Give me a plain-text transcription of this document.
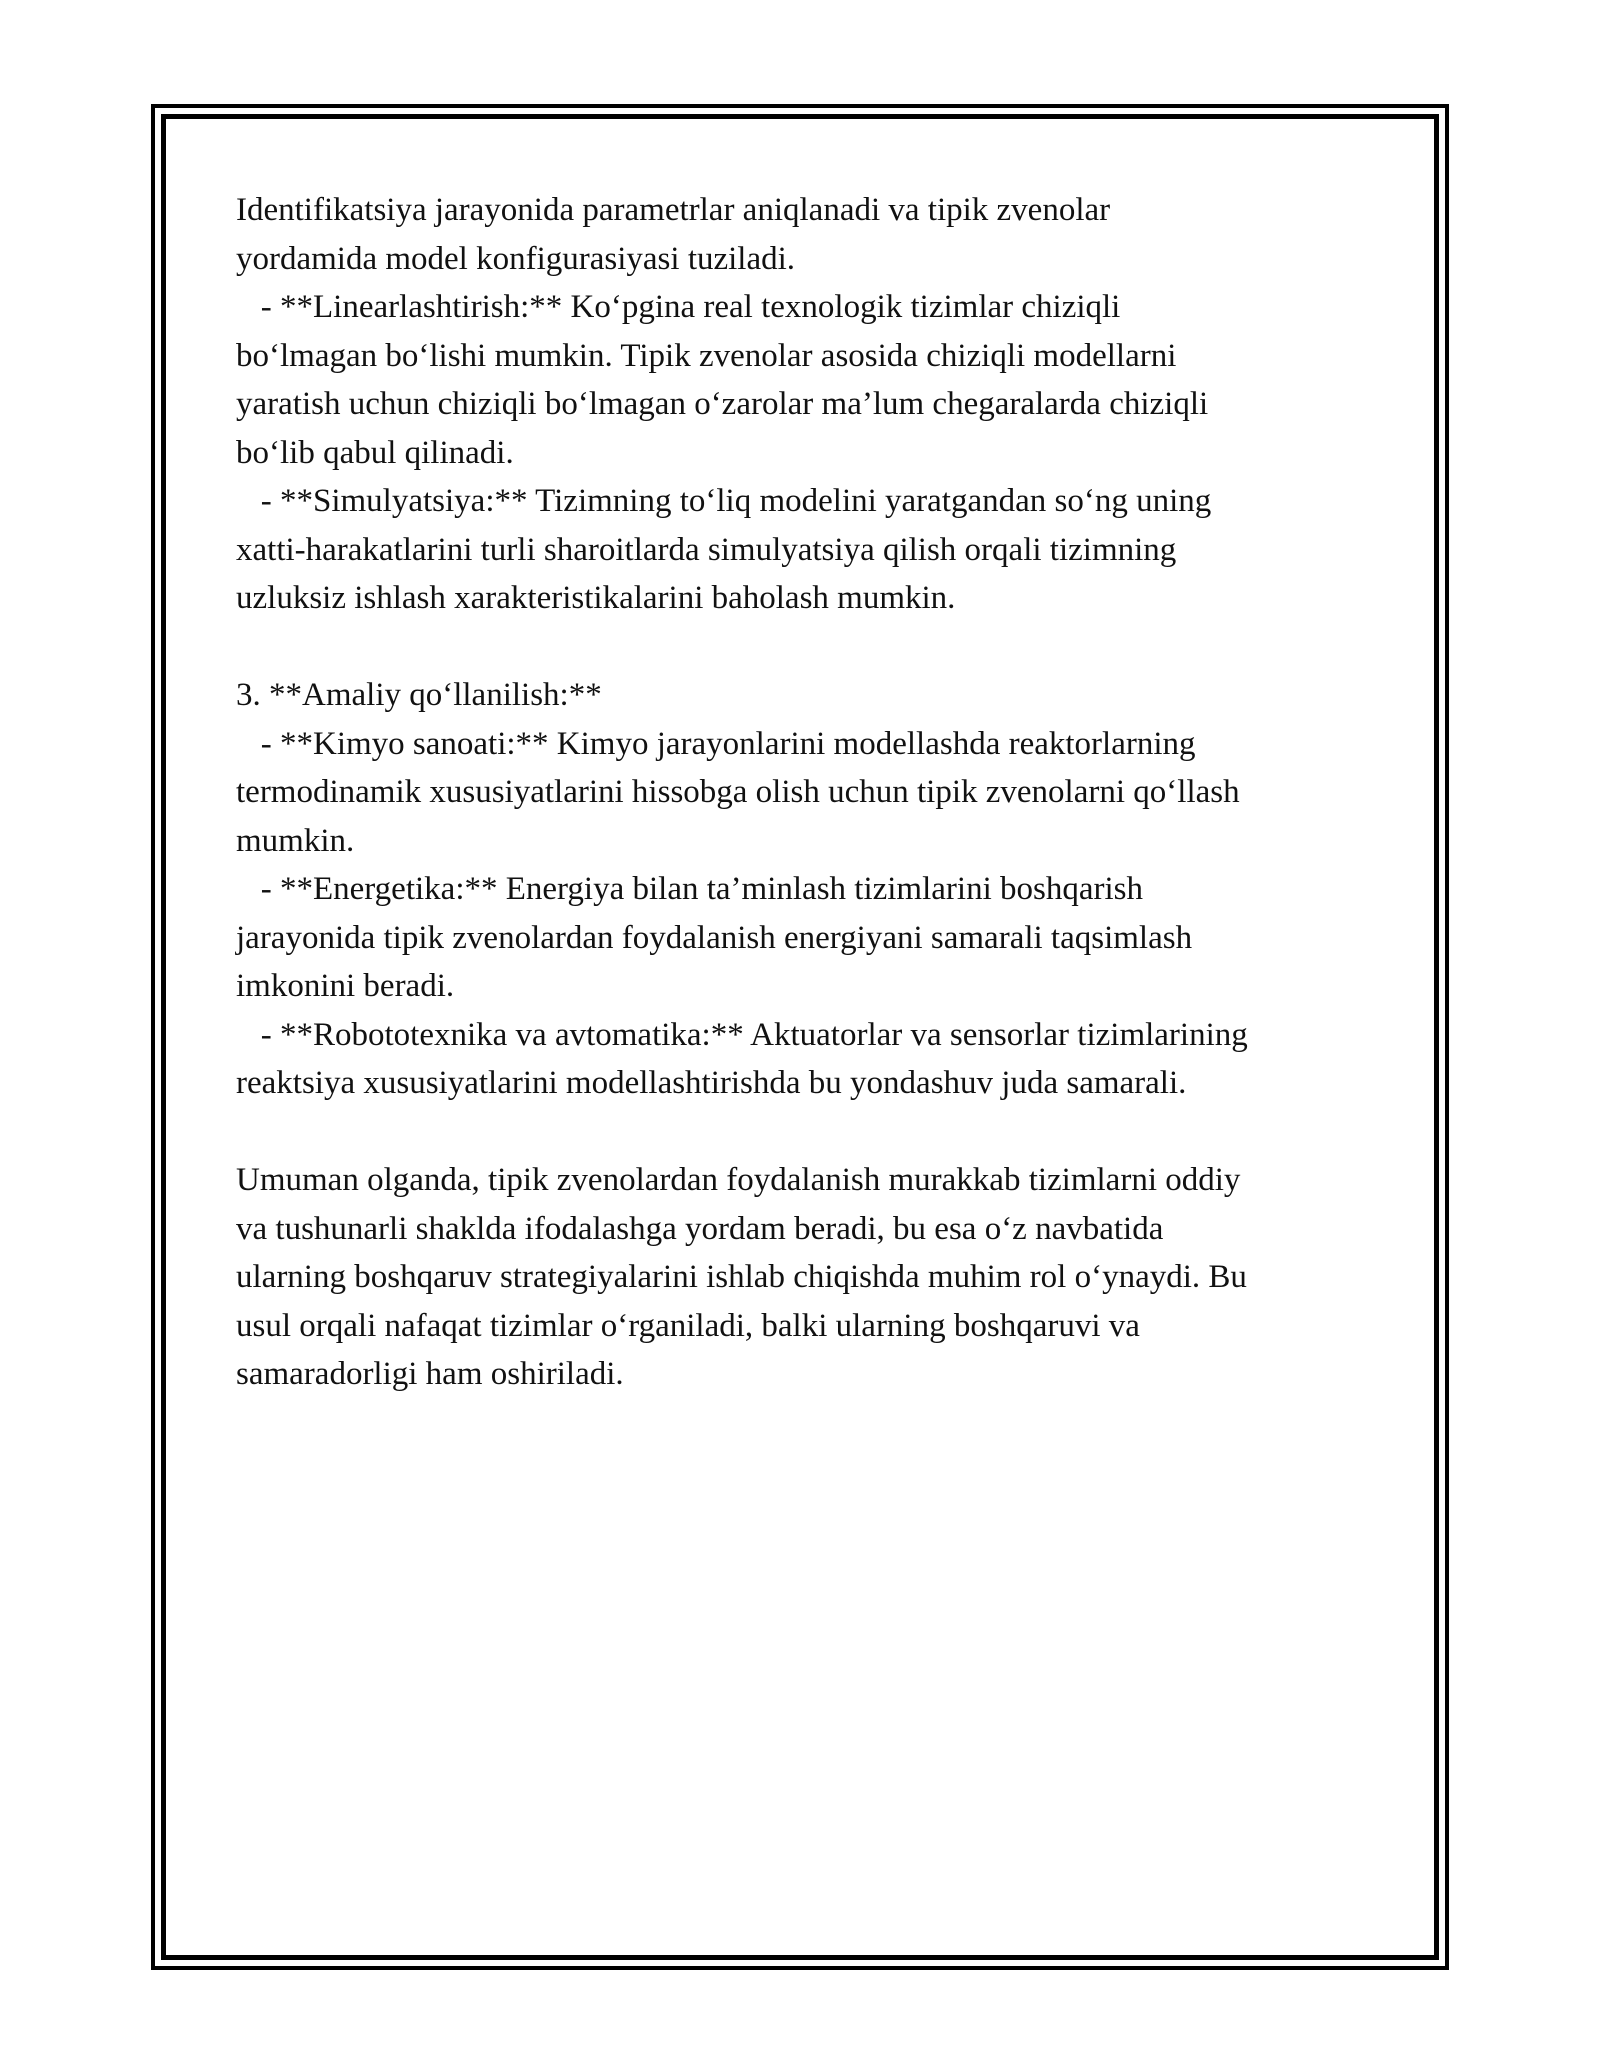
Identifikatsiya jarayonida parametrlar aniqlanadi va tipik zvenolar

yordamida model konfigurasiyasi tuziladi.

- **Linearlashtirish:** Ko‘pgina real texnologik tizimlar chiziqli

bo‘lmagan bo‘lishi mumkin. Tipik zvenolar asosida chiziqli modellarni

yaratish uchun chiziqli bo‘lmagan o‘zarolar ma’lum chegaralarda chiziqli

bo‘lib qabul qilinadi.

- **Simulyatsiya:** Tizimning to‘liq modelini yaratgandan so‘ng uning

xatti-harakatlarini turli sharoitlarda simulyatsiya qilish orqali tizimning

uzluksiz ishlash xarakteristikalarini baholash mumkin.

3. **Amaliy qo‘llanilish:**

- **Kimyo sanoati:** Kimyo jarayonlarini modellashda reaktorlarning

termodinamik xususiyatlarini hissobga olish uchun tipik zvenolarni qo‘llash

mumkin.

- **Energetika:** Energiya bilan ta’minlash tizimlarini boshqarish

jarayonida tipik zvenolardan foydalanish energiyani samarali taqsimlash

imkonini beradi.

- **Robototexnika va avtomatika:** Aktuatorlar va sensorlar tizimlarining

reaktsiya xususiyatlarini modellashtirishda bu yondashuv juda samarali.

Umuman olganda, tipik zvenolardan foydalanish murakkab tizimlarni oddiy

va tushunarli shaklda ifodalashga yordam beradi, bu esa o‘z navbatida

ularning boshqaruv strategiyalarini ishlab chiqishda muhim rol o‘ynaydi. Bu

usul orqali nafaqat tizimlar o‘rganiladi, balki ularning boshqaruvi va

samaradorligi ham oshiriladi.
